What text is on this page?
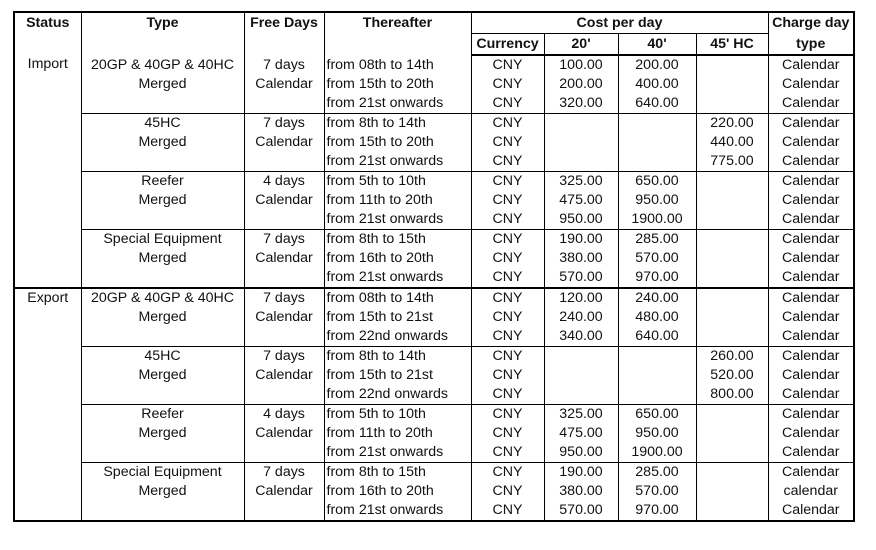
Status	Type	Free Days	Thereafter	Cost per day				Charge day
				Currency	20'	40'	45' HC	type
Import	20GP & 40GP & 40HC	7 days	from 08th to 14th	CNY	100.00	200.00		Calendar
	Merged	Calendar	from 15th to 20th	CNY	200.00	400.00		Calendar
			from 21st onwards	CNY	320.00	640.00		Calendar
	45HC	7 days	from 8th to 14th	CNY			220.00	Calendar
	Merged	Calendar	from 15th to 20th	CNY			440.00	Calendar
			from 21st onwards	CNY			775.00	Calendar
	Reefer	4 days	from 5th to 10th	CNY	325.00	650.00		Calendar
	Merged	Calendar	from 11th to 20th	CNY	475.00	950.00		Calendar
			from 21st onwards	CNY	950.00	1900.00		Calendar
	Special Equipment	7 days	from 8th to 15th	CNY	190.00	285.00		Calendar
	Merged	Calendar	from 16th to 20th	CNY	380.00	570.00		Calendar
			from 21st onwards	CNY	570.00	970.00		Calendar
Export	20GP & 40GP & 40HC	7 days	from 08th to 14th	CNY	120.00	240.00		Calendar
	Merged	Calendar	from 15th to 21st	CNY	240.00	480.00		Calendar
			from 22nd onwards	CNY	340.00	640.00		Calendar
	45HC	7 days	from 8th to 14th	CNY			260.00	Calendar
	Merged	Calendar	from 15th to 21st	CNY			520.00	Calendar
			from 22nd onwards	CNY			800.00	Calendar
	Reefer	4 days	from 5th to 10th	CNY	325.00	650.00		Calendar
	Merged	Calendar	from 11th to 20th	CNY	475.00	950.00		Calendar
			from 21st onwards	CNY	950.00	1900.00		Calendar
	Special Equipment	7 days	from 8th to 15th	CNY	190.00	285.00		Calendar
	Merged	Calendar	from 16th to 20th	CNY	380.00	570.00		calendar
			from 21st onwards	CNY	570.00	970.00		Calendar
